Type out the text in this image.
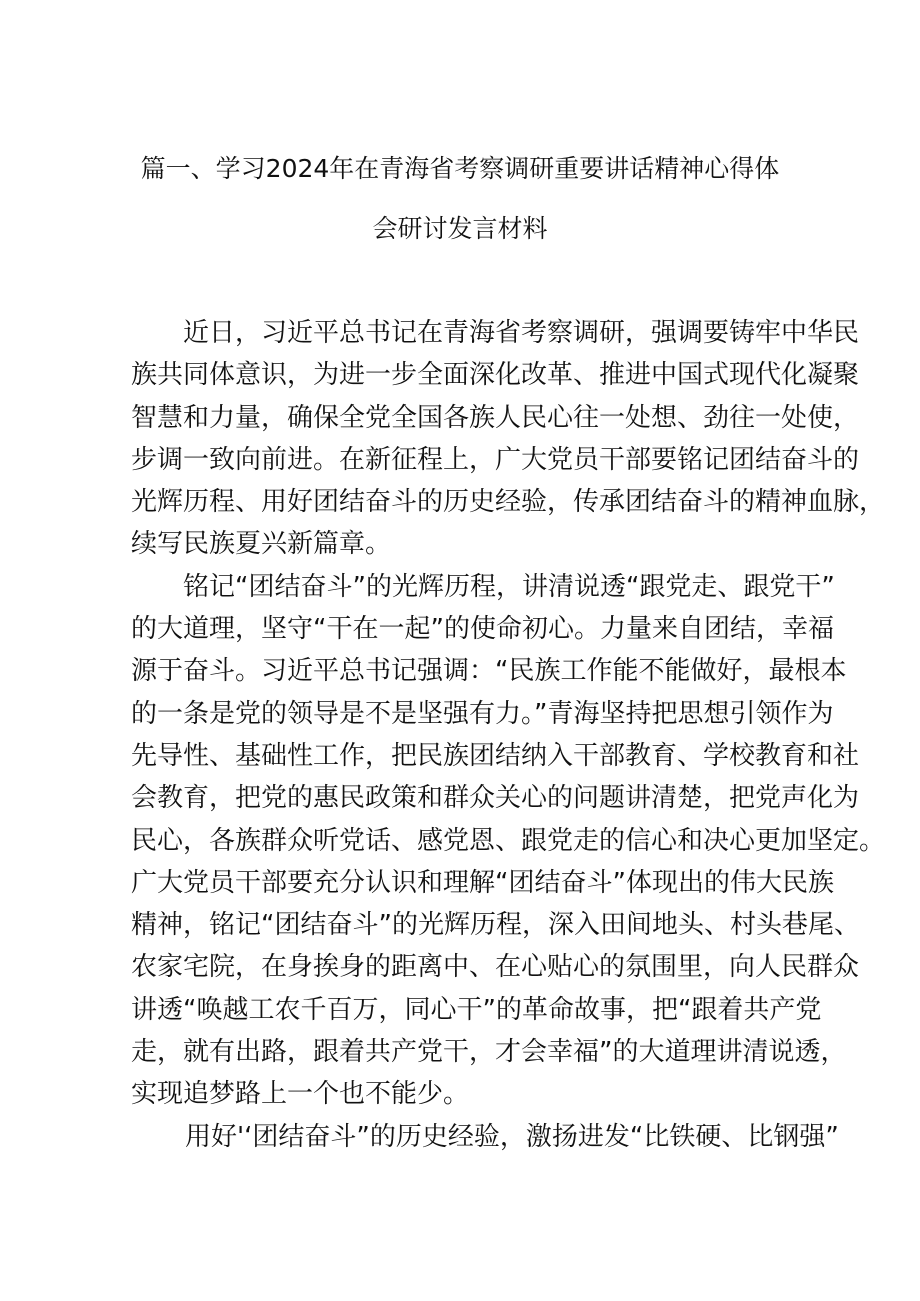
篇一、学习2024年在青海省考察调研重要讲话精神心得体
会研讨发言材料
近日，习近平总书记在青海省考察调研，强调要铸牢中华民
族共同体意识，为进一步全面深化改革、推进中国式现代化凝聚
智慧和力量，确保全党全国各族人民心往一处想、劲往一处使，
步调一致向前进。在新征程上，广大党员干部要铭记团结奋斗的
光辉历程、用好团结奋斗的历史经验，传承团结奋斗的精神血脉，
续写民族夏兴新篇章。
铭记“团结奋斗”的光辉历程，讲清说透“跟党走、跟党干”
的大道理，坚守“干在一起”的使命初心。力量来自团结，幸福
源于奋斗。习近平总书记强调：“民族工作能不能做好，最根本
的一条是党的领导是不是坚强有力。”青海坚持把思想引领作为
先导性、基础性工作，把民族团结纳入干部教育、学校教育和社
会教育，把党的惠民政策和群众关心的问题讲清楚，把党声化为
民心，各族群众听党话、感党恩、跟党走的信心和决心更加坚定。
广大党员干部要充分认识和理解“团结奋斗”体现出的伟大民族
精神，铭记“团结奋斗”的光辉历程，深入田间地头、村头巷尾、
农家宅院，在身挨身的距离中、在心贴心的氛围里，向人民群众
讲透“唤越工农千百万，同心干”的革命故事，把“跟着共产党
走，就有出路，跟着共产党干，才会幸福”的大道理讲清说透，
实现追梦路上一个也不能少。
用好'‘团结奋斗”的历史经验，激扬进发“比铁硬、比钢强”
